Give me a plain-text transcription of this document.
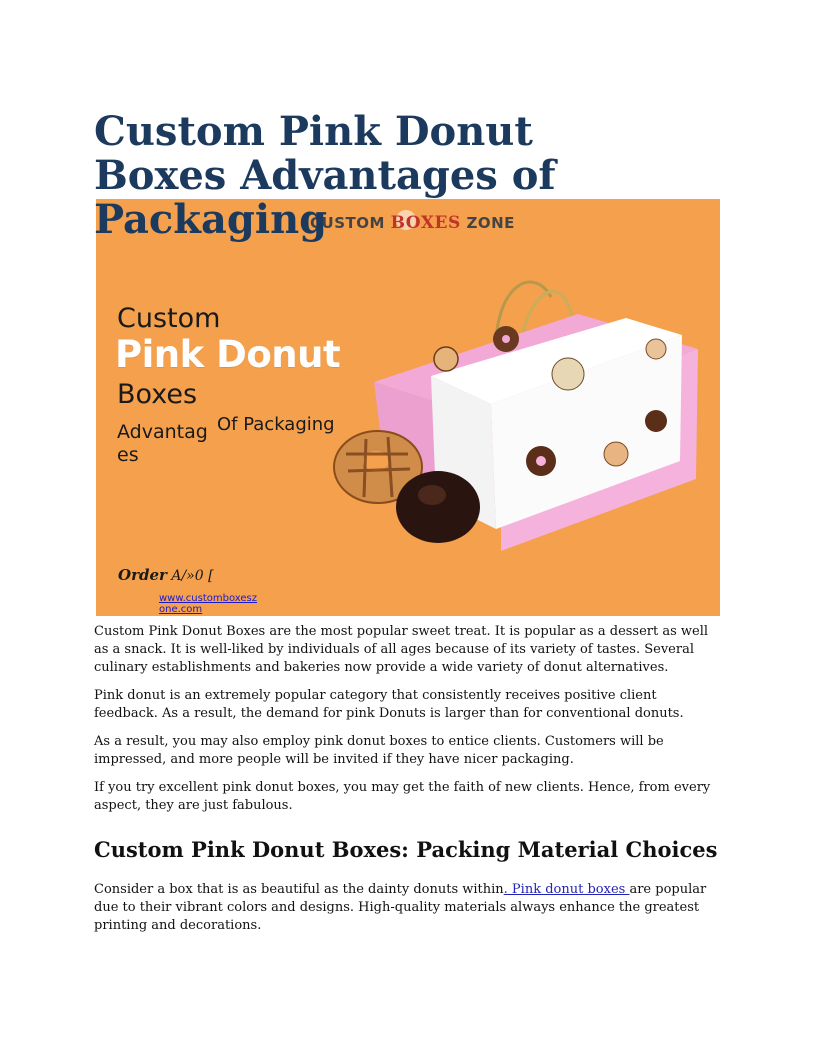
Custom Pink Donut Boxes Advantages of Packaging
CUSTOM BOXES ZONE
Custom
Pink Donut
Boxes
Advantages
Of Packaging
Order A/»0 [
www.customboxeszone.com

Custom Pink Donut Boxes are the most popular sweet treat. It is popular as a dessert as well as a snack. It is well-liked by individuals of all ages because of its variety of tastes. Several culinary establishments and bakeries now provide a wide variety of donut alternatives.

Pink donut is an extremely popular category that consistently receives positive client feedback. As a result, the demand for pink Donuts is larger than for conventional donuts.

As a result, you may also employ pink donut boxes to entice clients. Customers will be impressed, and more people will be invited if they have nicer packaging.

If you try excellent pink donut boxes, you may get the faith of new clients. Hence, from every aspect, they are just fabulous.

Custom Pink Donut Boxes: Packing Material Choices

Consider a box that is as beautiful as the dainty donuts within. Pink donut boxes are popular due to their vibrant colors and designs. High-quality materials always enhance the greatest printing and decorations.
